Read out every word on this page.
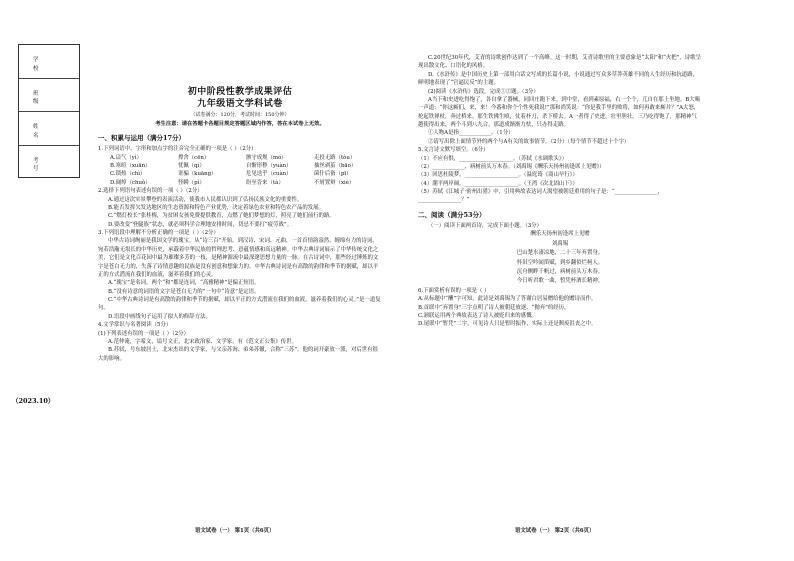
学 校
班 级
姓 名
考 号
（2023.10）
初中阶段性教学成果评估
九年级语文学科试卷
（试卷满分：120分，考试时间：150分钟）
考生注意：请在答题卡各题目规定答题区域内作答，答在本试卷上无效。
一、积累与运用（满分17分）

1.下列词语中，字形和加点字的注音完全正确的一项是（ ）（2分）

A.谙气（yì）	撑舍（cēn）	骸守成规（mó）	走投无路（tòu）
B.寒暄（xuān）	忧佩（qí）	自惭形秽（yuàn）	抽丝剥茧（bāo）
C.锁热（chì）	诓骗（kuāng）	危见迭乎（cuàn）	菌什后备（pī）
D.阔绰（chuò）	怪瞬（pì）	纷至沓来（tà）	不屑置辩（xiè）

2.选择下列语句表述有误的一项（ ）（2分）

A.通过这次实景攀登的表演活动，使我市人民都认识到了弘扬民族文化的重要性。

B.能否发挥欠发达地区的生态资源和特色产业优势，决定着绿色农业和特色农产品的发展。

C.“燃灯校长”张桂梅，为贫困女孩免费提供教育，点燃了她们梦想的灯，照亮了她们前行的路。

D.要改变“登腿族”状态，就必须科学合理地安排时间，切忌不要打“疲劳战”。

3.下列语段中理解不分析正确的一项是（ ）（2分）

中华古诗词绚丽是我国文学的瑰宝。从“诗三百”开始，到汉诗、宋词、元曲，一首首情韵盎然、缠绵有力的诗词，宛若浩瀚无垠长的中华历史，承载着中华民族的哲理思考、意蕴情感和高远精神。中华古典诗词展示了中华传统文化之美，它们是文化百花园中最为璀璨多芳的一枝，是精神源流中最深邃思想力量的一脉。在古诗词中，那些经过锤炼的文字是苍白无力的，失落了诗情意趣的民族是没有创意和想象力的。中华古典诗词是有高散的韵律和季节的据赋，却以平正的方式潜流在我们的血液，滋养着我们的心灵。

A.“瑰宝”是名词，两个“和”都是连词，“高雅精神”是偏正短语。

B.“没有诗意的词语的文字是苍白无力的”一句中“诗意”是定语。

C.“中华古典诗词是有高散的韵律和季节的据赋，却以平正的方式潜流在我们的血液，滋养着我们的心灵。”是一道复句。

D.语段中画线句子运用了拟人的修辞方法。

4.文学常识与名著阅读（5分）

(1)下列表述有误的一项是（ ）（2分）

A.范仲淹，字希文，谥号文正，北宋政治家、文学家，有《范文正公集》传世。

B.苏轼，号东坡居士，北宋杰出的文学家，与父亲苏洵、弟弟苏辙，合称“三苏”，他的词开豪放一派，对后世有很大的影响。

语文试卷（一） 第1页（共6页）

C.20世纪30年代，艾青的诗歌创作达到了一个高峰。这一时期，艾青诗歌里的主要意象是“太阳”和“火把”，诗歌呈现出散文化、口语化的风格。

D.《水浒传》是中国历史上第一部用白话文写成的长篇小说，小说通过写众多草莽英雄不同的人生经历和抗道路，鲜明地表现了“官逼民反”的主题。

(2)阅读《水浒传》选段，完成①②题。（3分）

A当下和史进吃得饱了，各自拿了器械，同回庄跑下来。到中堂，看到素原福，右一个个，兀自在那上坐地。B大喝一声道：“你这厮们，来，来！今番和你个个性死我说!”那和尚笑说：“你是我手里的败将，如何再敢来厮并？”A大怒，抡起铁禅杖，奔过桥来。那生铁佛生嗔，仗着朴刀，杀下桥去。A一者得了史进，壮里胆壮，三乃吃得饱了，那精神气越使得出来，两个斗到八九合，那道成渐渐力怯，只办得走路。

①人物A是指____________。（1分）

②请写出除上面情节外的两个与A有关的故事情节。（2分）（每个情节不超过十个字）

5.文言诗文默写填空。（6分）

（1）不应有恨，____________________。（苏轼《水调歌头》）

（2）____________，病树前头万木春。（刘禹锡《酬乐天扬州初逢席上见赠》）

（3）回思杜陵梦，____________________。（温庭筠《商山早行》）

（4）潮平两岸阔，____________________。（王湾《次北固山下》）

（5）苏轼《江城子·密州出猎》中，引用典故表达词人渴望被朝廷重用的句子是：“________________，________________？”

二、阅读（满分53分）

（一）阅读下面两首诗，完成下面小题。（3分）

酬乐天扬州初逢席上见赠

刘禹锡

巴山楚水凄凉地，二十三年弃置身。

怀旧空吟闻笛赋，到乡翻似烂柯人。

沉舟侧畔千帆过，病树前头万木春。

今日听君歌一曲，暂凭杯酒长精神。

6.下面赏析有误的一项是（ ）

A.从标题中“酬”字可知，此诗是刘禹锡为了答谢白居易赠给他的赠诗而作。

B.首联中“弃置身”三字点明了诗人被朝廷放逐、“抛弃”的经历。

C.颔联运用两个典故表达了诗人被贬归来的感慨。

D.尾联中“暂凭”二字，可见诗人只是暂时振作，实际上还是颓废沮丧之中。

语文试卷（一） 第2页（共6页）
